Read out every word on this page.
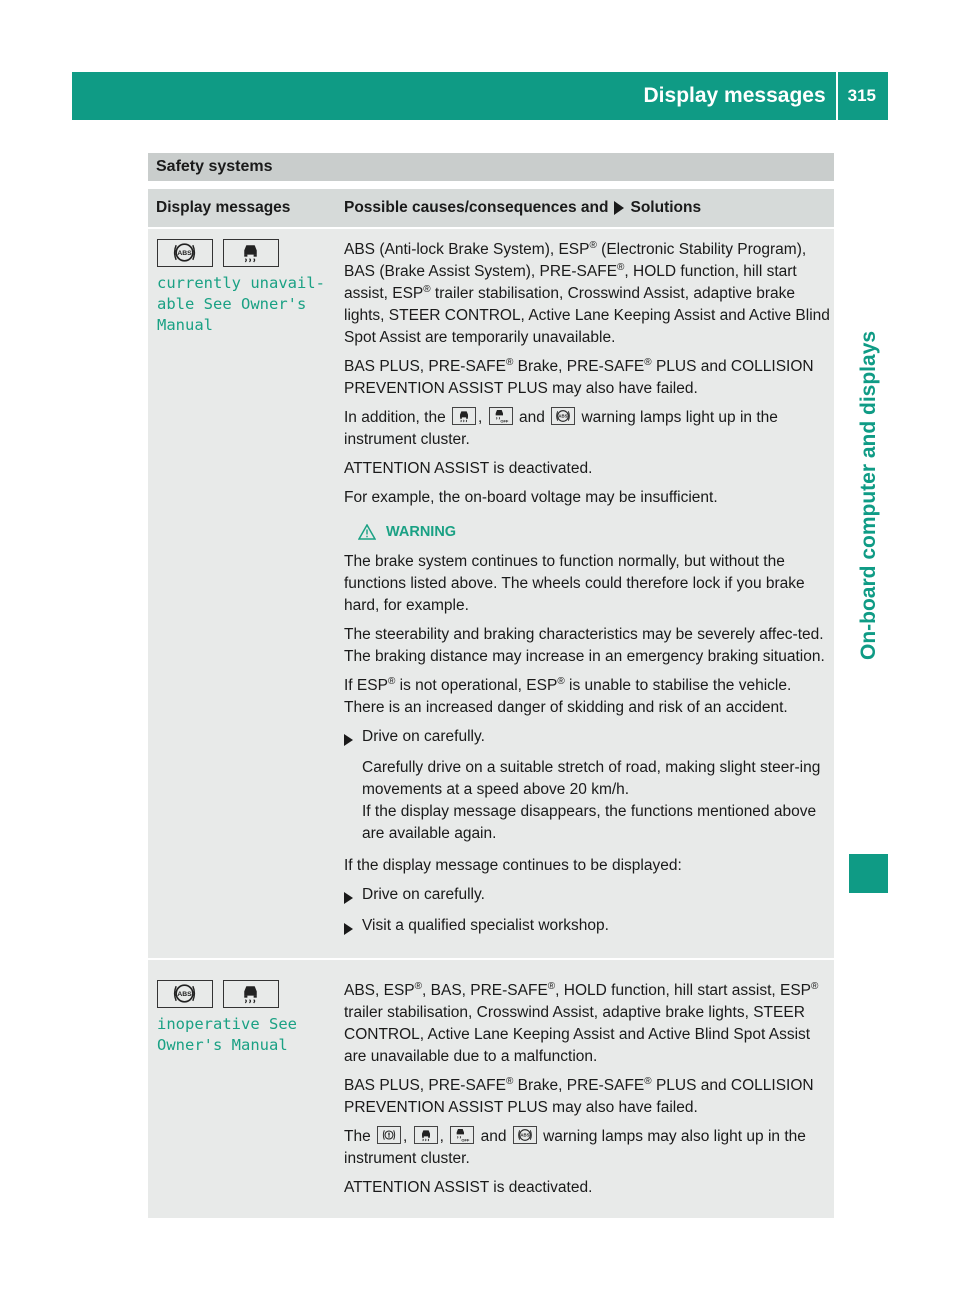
Display messages	315
On-board computer and displays
Safety systems
Display messages	Possible causes/consequences and Solutions
currently unavail‐
able See Owner's
Manual

ABS (Anti-lock Brake System), ESP® (Electronic Stability Program), BAS (Brake Assist System), PRE-SAFE®, HOLD function, hill start assist, ESP® trailer stabilisation, Crosswind Assist, adaptive brake lights, STEER CONTROL, Active Lane Keeping Assist and Active Blind Spot Assist are temporarily unavailable.

BAS PLUS, PRE-SAFE® Brake, PRE-SAFE® PLUS and COLLISION PREVENTION ASSIST PLUS may also have failed.

In addition, the , and warning lamps light up in the instrument cluster.

ATTENTION ASSIST is deactivated.

For example, the on-board voltage may be insufficient.

WARNING

The brake system continues to function normally, but without the functions listed above. The wheels could therefore lock if you brake hard, for example.

The steerability and braking characteristics may be severely affec‐ted. The braking distance may increase in an emergency braking situation.

If ESP® is not operational, ESP® is unable to stabilise the vehicle. There is an increased danger of skidding and risk of an accident.

Drive on carefully.
Carefully drive on a suitable stretch of road, making slight steer‐ing movements at a speed above 20 km/h.
If the display message disappears, the functions mentioned above are available again.

If the display message continues to be displayed:

Drive on carefully.
Visit a qualified specialist workshop.
inoperative See
Owner's Manual

ABS, ESP®, BAS, PRE-SAFE®, HOLD function, hill start assist, ESP® trailer stabilisation, Crosswind Assist, adaptive brake lights, STEER CONTROL, Active Lane Keeping Assist and Active Blind Spot Assist are unavailable due to a malfunction.

BAS PLUS, PRE-SAFE® Brake, PRE-SAFE® PLUS and COLLISION PREVENTION ASSIST PLUS may also have failed.

The , , and warning lamps may also light up in the instrument cluster.

ATTENTION ASSIST is deactivated.
